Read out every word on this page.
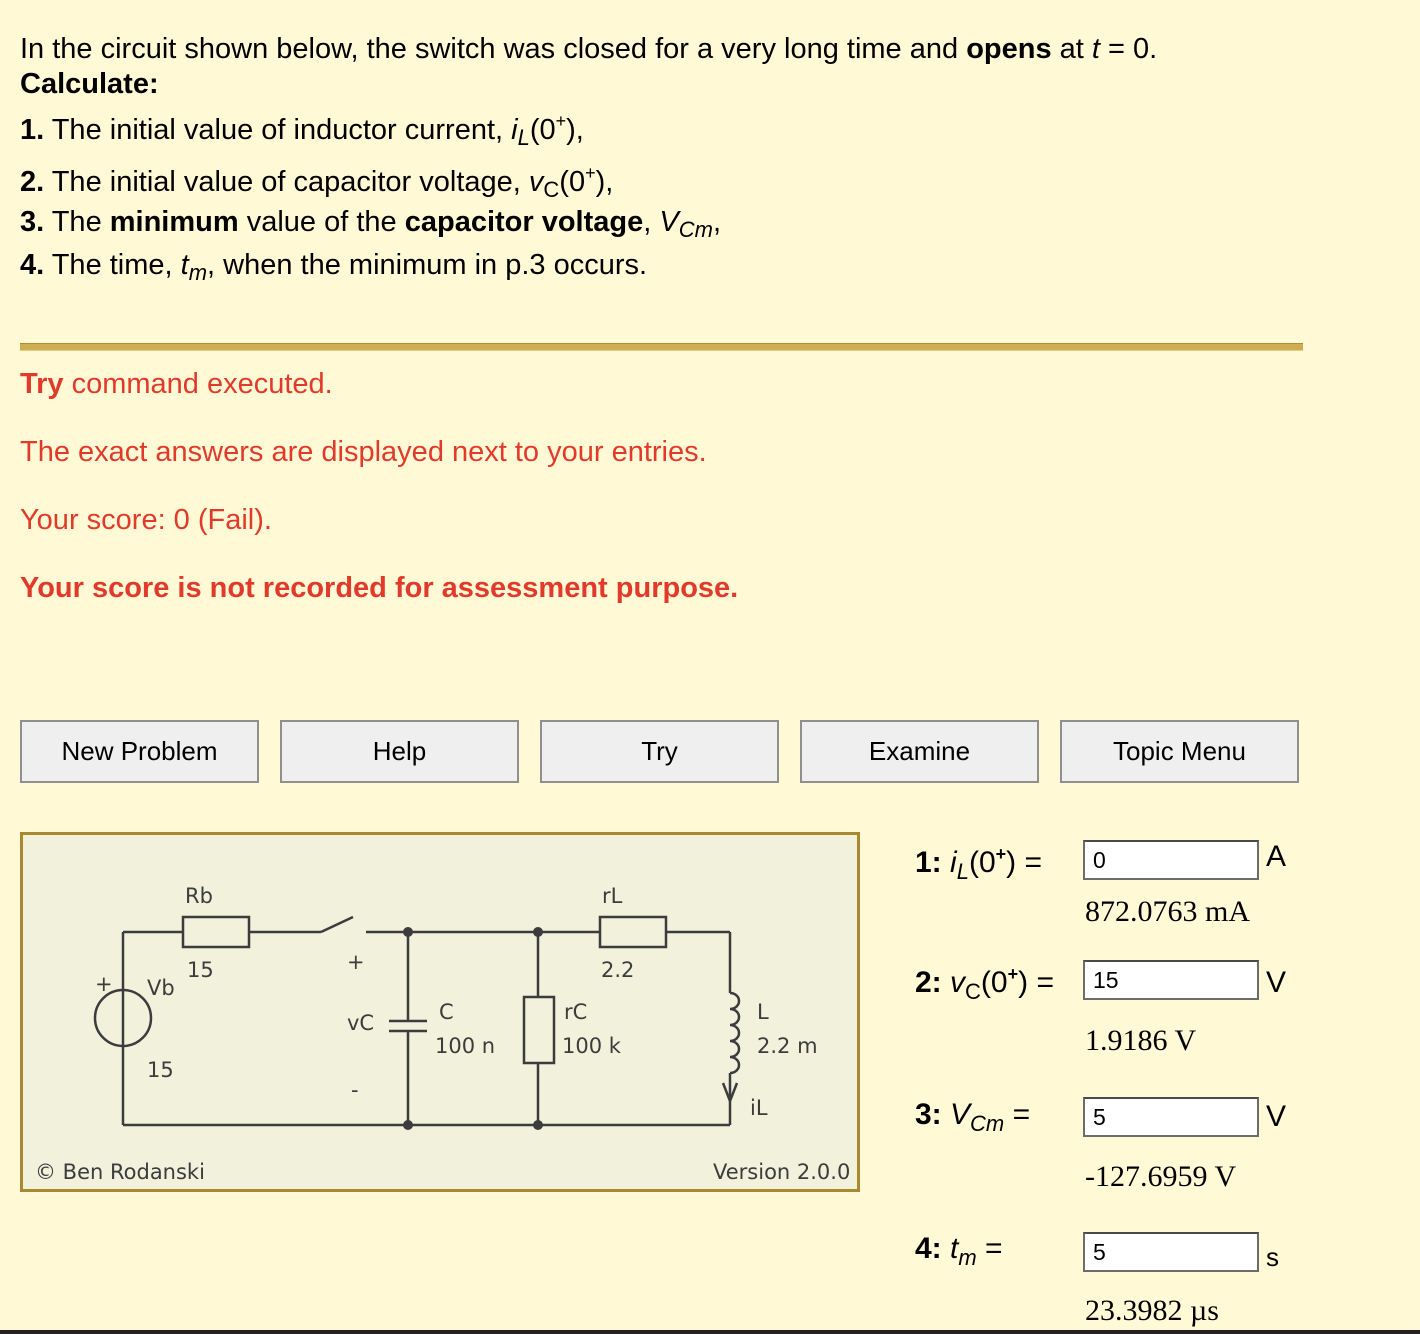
In the circuit shown below, the switch was closed for a very long time and opens at t = 0.
Calculate:
1. The initial value of inductor current, $i_L(0^+)$,
2. The initial value of capacitor voltage, $v_C(0^+)$,
3. The minimum value of the capacitor voltage, $V_{Cm}$,
4. The time, $t_m$, when the minimum in p.3 occurs.
Try command executed.
The exact answers are displayed next to your entries.
Your score: 0 (Fail).
Your score is not recorded for assessment purpose.
New Problem	Help	Try	Examine	Topic Menu
Rb
15
Vb
+
15
+
vC
-
C
100 n
rL
2.2
rC
100 k
L
2.2 m
iL
© Ben Rodanski	Version 2.0.0
1: $i_L(0^+)$ =
0	A
872.0763 mA
2: $v_C(0^+)$ =
15	V
1.9186 V
3: $V_{Cm}$ =
5	V
-127.6959 V
4: $t_m$ =
5	s
23.3982 µs
